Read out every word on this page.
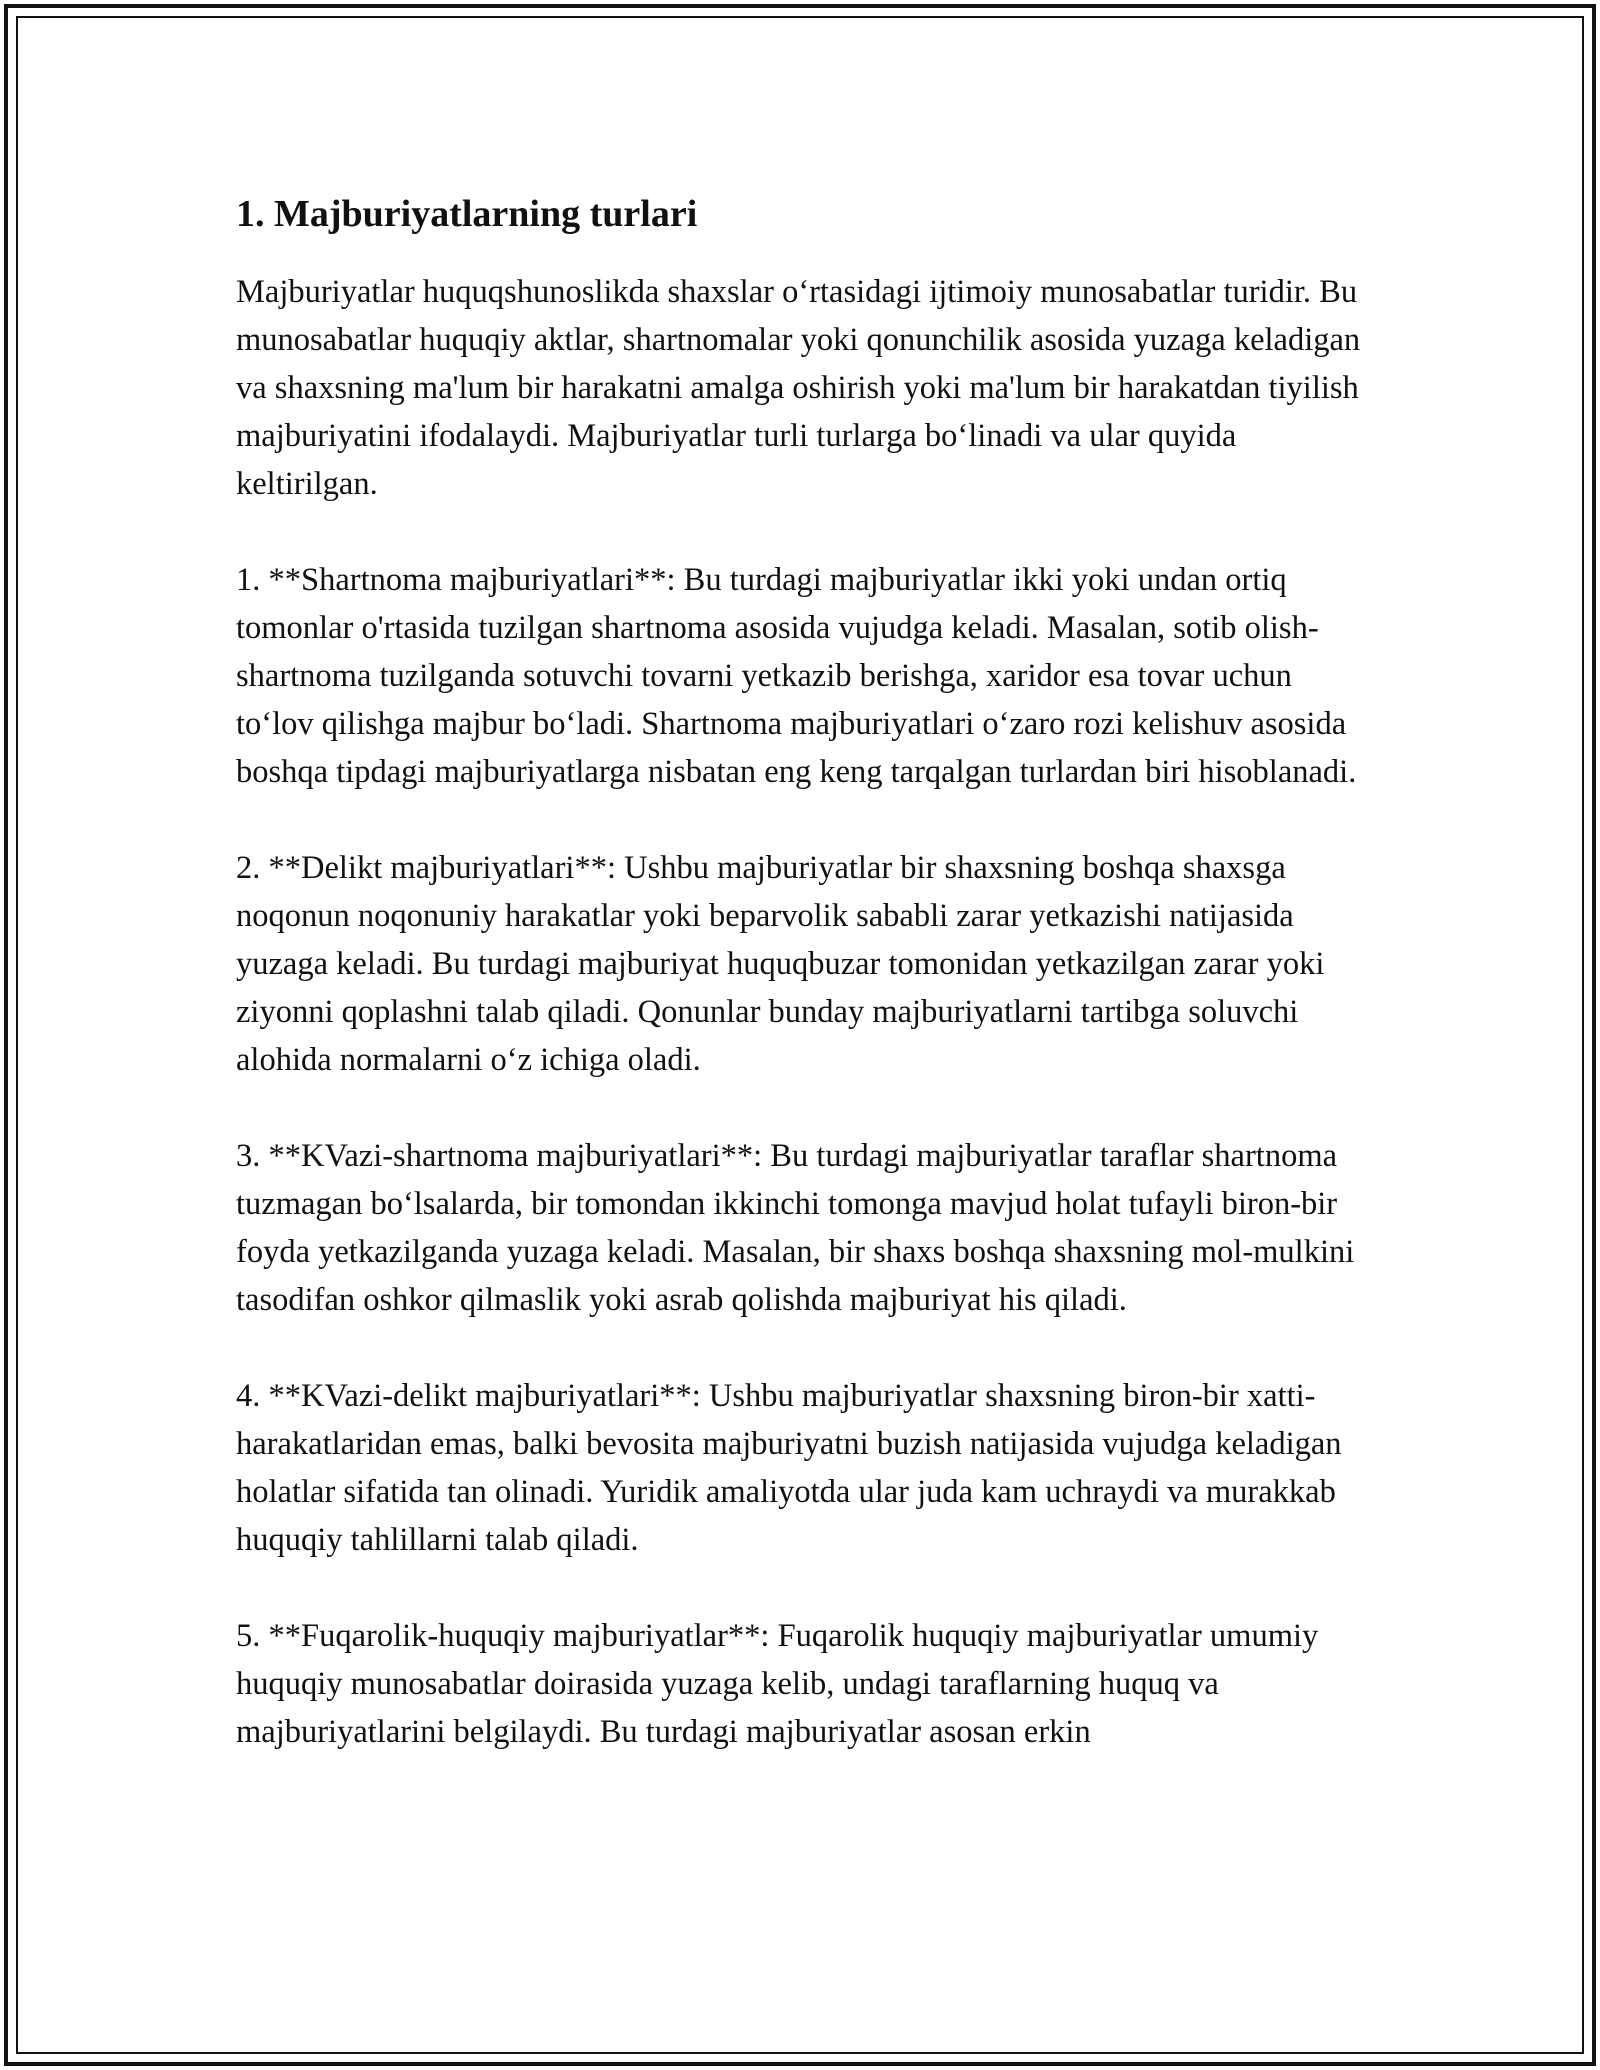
1. Majburiyatlarning turlari

Majburiyatlar huquqshunoslikda shaxslar o‘rtasidagi ijtimoiy munosabatlar turidir. Bu munosabatlar huquqiy aktlar, shartnomalar yoki qonunchilik asosida yuzaga keladigan va shaxsning ma'lum bir harakatni amalga oshirish yoki ma'lum bir harakatdan tiyilish majburiyatini ifodalaydi. Majburiyatlar turli turlarga bo‘linadi va ular quyida keltirilgan.

1. **Shartnoma majburiyatlari**: Bu turdagi majburiyatlar ikki yoki undan ortiq tomonlar o'rtasida tuzilgan shartnoma asosida vujudga keladi. Masalan, sotib olish-shartnoma tuzilganda sotuvchi tovarni yetkazib berishga, xaridor esa tovar uchun to‘lov qilishga majbur bo‘ladi. Shartnoma majburiyatlari o‘zaro rozi kelishuv asosida boshqa tipdagi majburiyatlarga nisbatan eng keng tarqalgan turlardan biri hisoblanadi.

2. **Delikt majburiyatlari**: Ushbu majburiyatlar bir shaxsning boshqa shaxsga noqonun noqonuniy harakatlar yoki beparvolik sababli zarar yetkazishi natijasida yuzaga keladi. Bu turdagi majburiyat huquqbuzar tomonidan yetkazilgan zarar yoki ziyonni qoplashni talab qiladi. Qonunlar bunday majburiyatlarni tartibga soluvchi alohida normalarni o‘z ichiga oladi.

3. **KVazi-shartnoma majburiyatlari**: Bu turdagi majburiyatlar taraflar shartnoma tuzmagan bo‘lsalarda, bir tomondan ikkinchi tomonga mavjud holat tufayli biron-bir foyda yetkazilganda yuzaga keladi. Masalan, bir shaxs boshqa shaxsning mol-mulkini tasodifan oshkor qilmaslik yoki asrab qolishda majburiyat his qiladi.

4. **KVazi-delikt majburiyatlari**: Ushbu majburiyatlar shaxsning biron-bir xatti-harakatlaridan emas, balki bevosita majburiyatni buzish natijasida vujudga keladigan holatlar sifatida tan olinadi. Yuridik amaliyotda ular juda kam uchraydi va murakkab huquqiy tahlillarni talab qiladi.

5. **Fuqarolik-huquqiy majburiyatlar**: Fuqarolik huquqiy majburiyatlar umumiy huquqiy munosabatlar doirasida yuzaga kelib, undagi taraflarning huquq va majburiyatlarini belgilaydi. Bu turdagi majburiyatlar asosan erkin
